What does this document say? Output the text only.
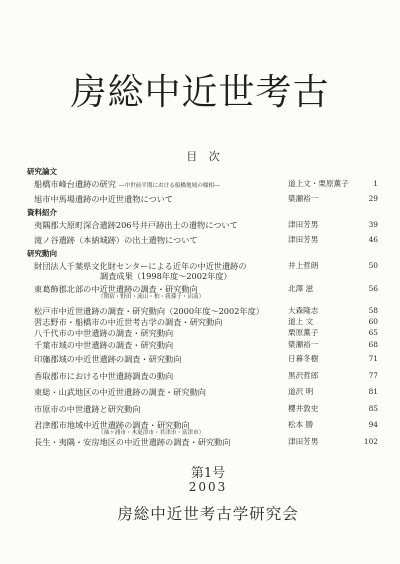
房総中近世考古
目 次
研究論文
船橋市峰台遺跡の研究 ―中世前半期における船橋地域の様相―	道上文・栗原薫子	1
旭市中馬場遺跡の中近世遺物について	簗瀬裕一	29
資料紹介
夷隅郡大原町深合遺跡206号井戸跡出土の遺物について	津田芳男	39
滝ノ谷遺跡（本納城跡）の出土遺物について	津田芳男	46
研究動向
財団法人千葉県文化財センターによる近年の中近世遺跡の
調査成果（1998年度～2002年度）
井上哲朗	50
東葛飾郡北部の中近世遺跡の調査・研究動向
（関宿・野田・流山・柏・我孫子・沼南）
北澤 滋	56
松戸市中近世遺跡の調査・研究動向（2000年度～2002年度）	大森隆志	58
習志野市・船橋市の中近世考古学の調査・研究動向	道上 文	60
八千代市の中世遺跡の調査・研究動向	栗原薫子	65
千葉市域の中世遺跡の調査・研究動向	簗瀬裕一	68
印旛郡域の中近世遺跡の調査・研究動向	日暮冬樹	71
香取郡市における中世遺跡調査の動向	黒沢哲郎	77
東総・山武地区の中近世遺跡の調査・研究動向	道沢 明	81
市原市の中世遺跡と研究動向	櫻井敦史	85
君津郡市地域中近世遺跡の調査・研究動向
（袖ヶ浦市・木更津市・君津市・富津市）
松本 勝	94
長生・夷隅・安房地区の中近世遺跡の調査・研究動向	津田芳男	102
第1号
2003
房総中近世考古学研究会
